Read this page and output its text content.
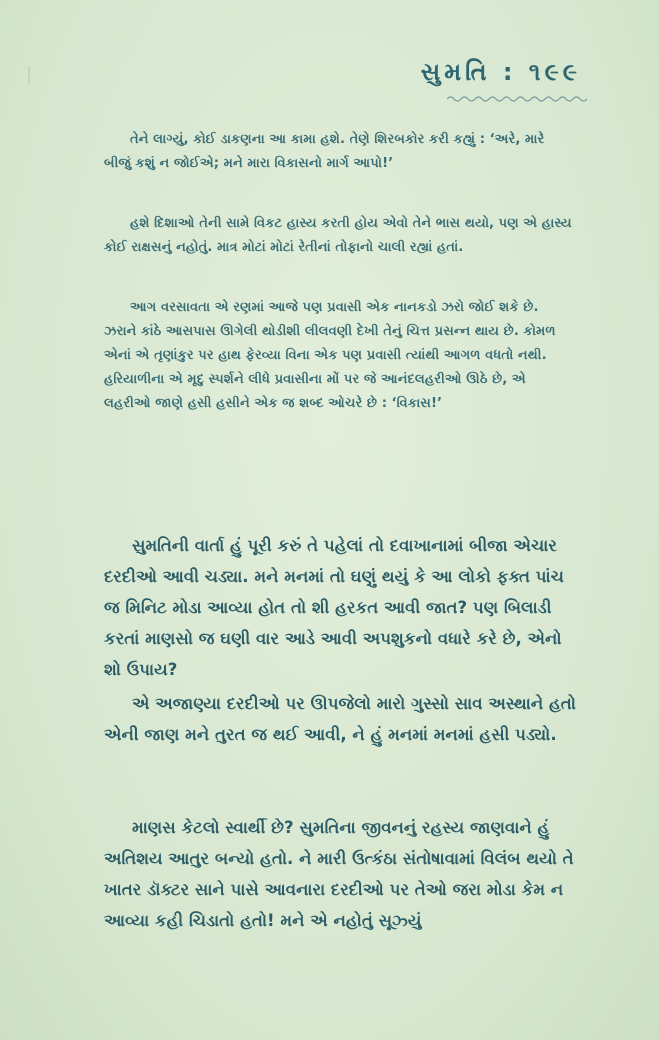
સુમતિ : ૧૯૯

તેને લાગ્યું, કોઈ ડાકણના આ કામા હશે. તેણે શિરબકોર કરી કહ્યું : ‘અરે, મારે બીજું કશું ન જોઈએ; મને મારા વિકાસનો માર્ગ આપો!’

હશે દિશાઓ તેની સામે વિકટ હાસ્ય કરતી હોય એવો તેને ભાસ થયો, પણ એ હાસ્ય કોઈ રાક્ષસનું નહોતું. માત્ર મોટાં મોટાં રેતીનાં તોફાનો ચાલી રહ્યાં હતાં.

આગ વરસાવતા એ રણમાં આજે પણ પ્રવાસી એક નાનકડો ઝરો જોઈ શકે છે. ઝરાને કાંઠે આસપાસ ઊગેલી થોડીશી લીલવણી દેખી તેનું ચિત્ત પ્રસન્ન થાય છે. કોમળ એનાં એ તૃણાંકુર પર હાથ ફેરવ્યા વિના એક પણ પ્રવાસી ત્યાંથી આગળ વધતો નથી. હરિયાળીના એ મૃદુ સ્પર્શને લીધે પ્રવાસીના મોં પર જે આનંદલહરીઓ ઊઠે છે, એ લહરીઓ જાણે હસી હસીને એક જ શબ્દ ઓચરે છે : ‘વિકાસ!’

સુમતિની વાર્તા હું પૂરી કરું તે પહેલાં તો દવાખાનામાં બીજા એચાર દરદીઓ આવી ચડ્યા. મને મનમાં તો ઘણું થયું કે આ લોકો ફક્ત પાંચ જ મિનિટ મોડા આવ્યા હોત તો શી હરકત આવી જાત? પણ બિલાડી કરતાં માણસો જ ઘણી વાર આડે આવી અપશુકનો વધારે કરે છે, એનો શો ઉપાય?

એ અજાણ્યા દરદીઓ પર ઊપજેલો મારો ગુસ્સો સાવ અસ્થાને હતો એની જાણ મને તુરત જ થઈ આવી, ને હું મનમાં મનમાં હસી પડ્યો.

માણસ કેટલો સ્વાર્થી છે? સુમતિના જીવનનું રહસ્ય જાણવાને હું અતિશય આતુર બન્યો હતો. ને મારી ઉત્કંઠા સંતોષાવામાં વિલંબ થયો તે ખાતર ડૉક્ટર સાને પાસે આવનારા દરદીઓ પર તેઓ જરા મોડા કેમ ન આવ્યા કહી ચિડાતો હતો! મને એ નહોતું સૂઝ્યું
